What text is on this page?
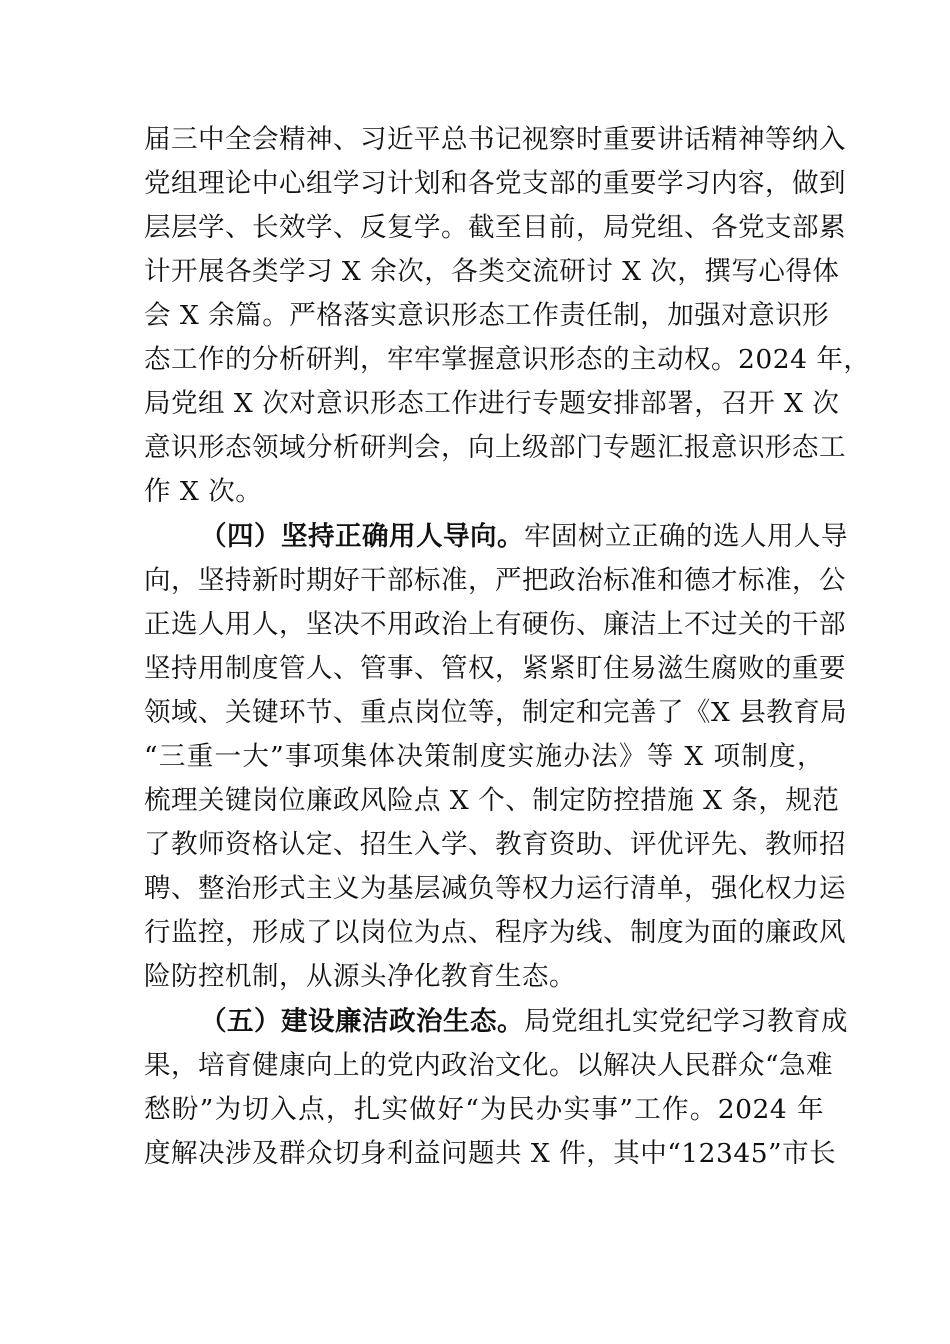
届三中全会精神、习近平总书记视察时重要讲话精神等纳入
党组理论中心组学习计划和各党支部的重要学习内容，做到
层层学、长效学、反复学。截至目前，局党组、各党支部累
计开展各类学习 X 余次，各类交流研讨 X 次，撰写心得体
会 X 余篇。严格落实意识形态工作责任制，加强对意识形
态工作的分析研判，牢牢掌握意识形态的主动权。2024 年，
局党组 X 次对意识形态工作进行专题安排部署，召开 X 次
意识形态领域分析研判会，向上级部门专题汇报意识形态工
作 X 次。
（四）坚持正确用人导向。牢固树立正确的选人用人导
向，坚持新时期好干部标准，严把政治标准和德才标准，公
正选人用人，坚决不用政治上有硬伤、廉洁上不过关的干部
坚持用制度管人、管事、管权，紧紧盯住易滋生腐败的重要
领域、关键环节、重点岗位等，制定和完善了《X 县教育局
“三重一大”事项集体决策制度实施办法》等 X 项制度，
梳理关键岗位廉政风险点 X 个、制定防控措施 X 条，规范
了教师资格认定、招生入学、教育资助、评优评先、教师招
聘、整治形式主义为基层减负等权力运行清单，强化权力运
行监控，形成了以岗位为点、程序为线、制度为面的廉政风
险防控机制，从源头净化教育生态。
（五）建设廉洁政治生态。局党组扎实党纪学习教育成
果，培育健康向上的党内政治文化。以解决人民群众“急难
愁盼”为切入点，扎实做好“为民办实事”工作。2024 年
度解决涉及群众切身利益问题共 X 件，其中“12345”市长
